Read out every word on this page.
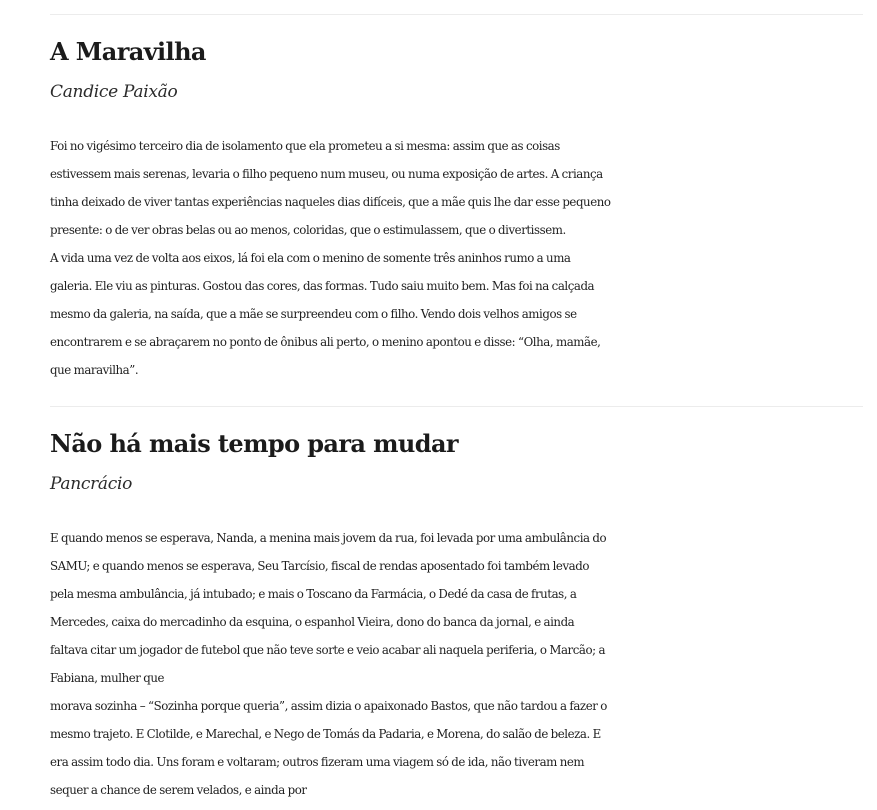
A Maravilha

Candice Paixão

Foi no vigésimo terceiro dia de isolamento que ela prometeu a si mesma: assim que as coisas

estivessem mais serenas, levaria o filho pequeno num museu, ou numa exposição de artes. A criança

tinha deixado de viver tantas experiências naqueles dias difíceis, que a mãe quis lhe dar esse pequeno

presente: o de ver obras belas ou ao menos, coloridas, que o estimulassem, que o divertissem.

A vida uma vez de volta aos eixos, lá foi ela com o menino de somente três aninhos rumo a uma

galeria. Ele viu as pinturas. Gostou das cores, das formas. Tudo saiu muito bem. Mas foi na calçada

mesmo da galeria, na saída, que a mãe se surpreendeu com o filho. Vendo dois velhos amigos se

encontrarem e se abraçarem no ponto de ônibus ali perto, o menino apontou e disse: “Olha, mamãe,

que maravilha”.

Não há mais tempo para mudar

Pancrácio

E quando menos se esperava, Nanda, a menina mais jovem da rua, foi levada por uma ambulância do

SAMU; e quando menos se esperava, Seu Tarcísio, fiscal de rendas aposentado foi também levado

pela mesma ambulância, já intubado; e mais o Toscano da Farmácia, o Dedé da casa de frutas, a

Mercedes, caixa do mercadinho da esquina, o espanhol Vieira, dono do banca da jornal, e ainda

faltava citar um jogador de futebol que não teve sorte e veio acabar ali naquela periferia, o Marcão; a

Fabiana, mulher que

morava sozinha – “Sozinha porque queria”, assim dizia o apaixonado Bastos, que não tardou a fazer o

mesmo trajeto. E Clotilde, e Marechal, e Nego de Tomás da Padaria, e Morena, do salão de beleza. E

era assim todo dia. Uns foram e voltaram; outros fizeram uma viagem só de ida, não tiveram nem

sequer a chance de serem velados, e ainda por
